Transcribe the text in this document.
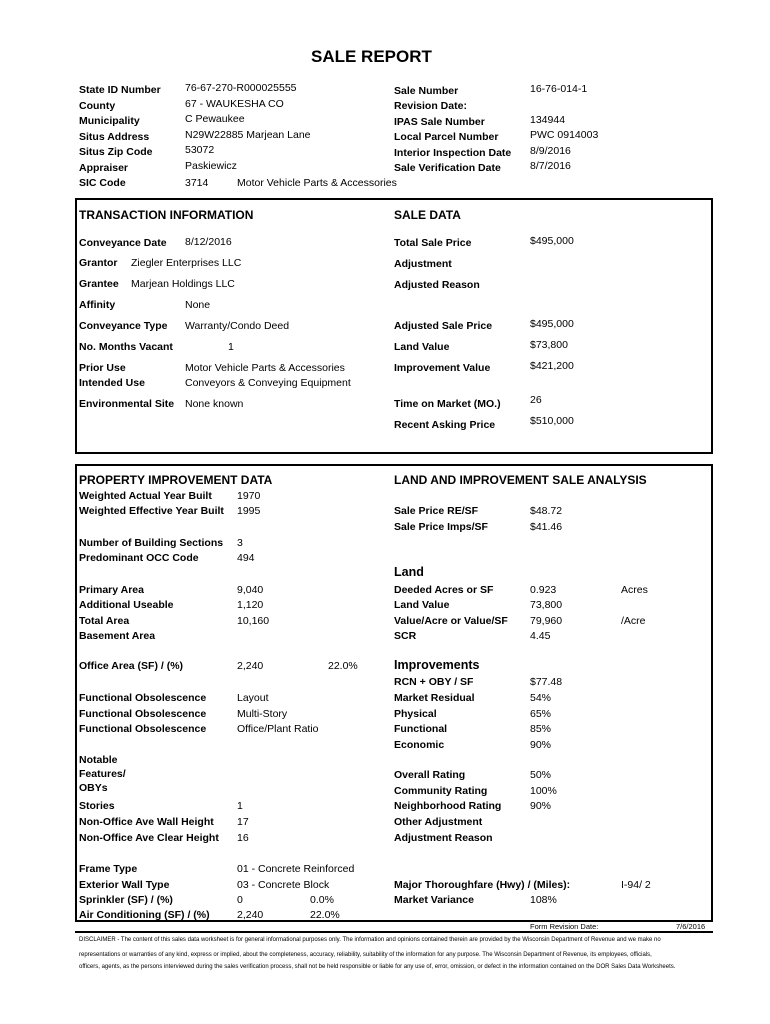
SALE REPORT
State ID Number 76-67-270-R000025555
County	67 - WAUKESHA CO
Municipality	C Pewaukee
Situs Address	N29W22885 Marjean Lane
Situs Zip Code	53072
Appraiser	Paskiewicz
SIC Code	3714	Motor Vehicle Parts & Accessories
Sale Number	16-76-014-1
Revision Date:
IPAS Sale Number	134944
Local Parcel Number	PWC 0914003
Interior Inspection Date 8/9/2016
Sale Verification Date	8/7/2016
TRANSACTION INFORMATION	SALE DATA
Conveyance Date 8/12/2016
Grantor Ziegler Enterprises LLC
Grantee Marjean Holdings LLC
Affinity	None
Conveyance Type Warranty/Condo Deed
No. Months Vacant	1
Prior Use	Motor Vehicle Parts & Accessories
Intended Use	Conveyors & Conveying Equipment
Environmental Site None known
Total Sale Price	$495,000
Adjustment
Adjusted Reason
Adjusted Sale Price	$495,000
Land Value	$73,800
Improvement Value	$421,200
Time on Market (MO.)	26
Recent Asking Price	$510,000
PROPERTY IMPROVEMENT DATA	LAND AND IMPROVEMENT SALE ANALYSIS
Weighted Actual Year Built 1970
Weighted Effective Year Built 1995
Number of Building Sections 3
Predominant OCC Code	494
Primary Area	9,040
Additional Useable	1,120
Total Area	10,160
Basement Area
Office Area (SF) / (%)	2,240	22.0%
Functional Obsolescence	Layout
Functional Obsolescence	Multi-Story
Functional Obsolescence	Office/Plant Ratio
Notable
Features/
OBYs
Stories	1
Non-Office Ave Wall Height 17
Non-Office Ave Clear Height 16
Frame Type	01 - Concrete Reinforced
Exterior Wall Type	03 - Concrete Block
Sprinkler (SF) / (%)	0	0.0%
Air Conditioning (SF) / (%)	2,240	22.0%
Sale Price RE/SF	$48.72
Sale Price Imps/SF	$41.46
Land
Deeded Acres or SF	0.923	Acres
Land Value	73,800
Value/Acre or Value/SF 79,960	/Acre
SCR	4.45
Improvements
RCN + OBY / SF	$77.48
Market Residual	54%
Physical	65%
Functional	85%
Economic	90%
Overall Rating	50%
Community Rating	100%
Neighborhood Rating	90%
Other Adjustment
Adjustment Reason
Major Thoroughfare (Hwy) / (Miles):	I-94/ 2
Market Variance	108%
Form Revision Date:	7/6/2016
DISCLAIMER - The content of this sales data worksheet is for general informational purposes only. The information and opinions contained therein are provided by the Wisconsin Department of Revenue and we make no
representations or warranties of any kind, express or implied, about the completeness, accuracy, reliability, suitability of the information for any purpose. The Wisconsin Department of Revenue, its employees, officials,
officers, agents, as the persons interviewed during the sales verification process, shall not be held responsible or liable for any use of, error, omission, or defect in the information contained on the DOR Sales Data Worksheets.
